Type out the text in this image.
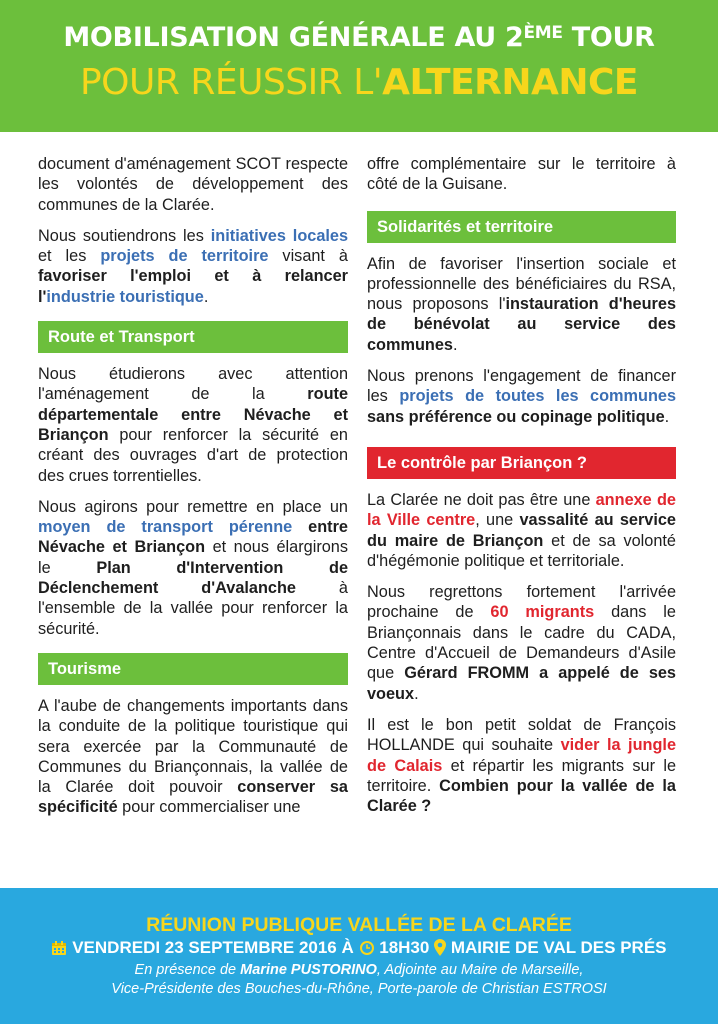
MOBILISATION GÉNÉRALE AU 2ÈME TOUR
POUR RÉUSSIR L'ALTERNANCE

document d'aménagement SCOT respecte les volontés de développement des communes de la Clarée.

Nous soutiendrons les initiatives locales et les projets de territoire visant à favoriser l'emploi et à relancer l'industrie touristique.

Route et Transport

Nous étudierons avec attention l'aménagement de la route départementale entre Névache et Briançon pour renforcer la sécurité en créant des ouvrages d'art de protection des crues torrentielles.

Nous agirons pour remettre en place un moyen de transport pérenne entre Névache et Briançon et nous élargirons le Plan d'Intervention de Déclenchement d'Avalanche à l'ensemble de la vallée pour renforcer la sécurité.

Tourisme

A l'aube de changements importants dans la conduite de la politique touristique qui sera exercée par la Communauté de Communes du Briançonnais, la vallée de la Clarée doit pouvoir conserver sa spécificité pour commercialiser une

offre complémentaire sur le territoire à côté de la Guisane.

Solidarités et territoire

Afin de favoriser l'insertion sociale et professionnelle des bénéficiaires du RSA, nous proposons l'instauration d'heures de bénévolat au service des communes.

Nous prenons l'engagement de financer les projets de toutes les communes sans préférence ou copinage politique.

Le contrôle par Briançon ?

La Clarée ne doit pas être une annexe de la Ville centre, une vassalité au service du maire de Briançon et de sa volonté d'hégémonie politique et territoriale.

Nous regrettons fortement l'arrivée prochaine de 60 migrants dans le Briançonnais dans le cadre du CADA, Centre d'Accueil de Demandeurs d'Asile que Gérard FROMM a appelé de ses voeux.

Il est le bon petit soldat de François HOLLANDE qui souhaite vider la jungle de Calais et répartir les migrants sur le territoire. Combien pour la vallée de la Clarée ?

RÉUNION PUBLIQUE VALLÉE DE LA CLARÉE
VENDREDI 23 SEPTEMBRE 2016 À 18H30 MAIRIE DE VAL DES PRÉS
En présence de Marine PUSTORINO, Adjointe au Maire de Marseille,
Vice-Présidente des Bouches-du-Rhône, Porte-parole de Christian ESTROSI
